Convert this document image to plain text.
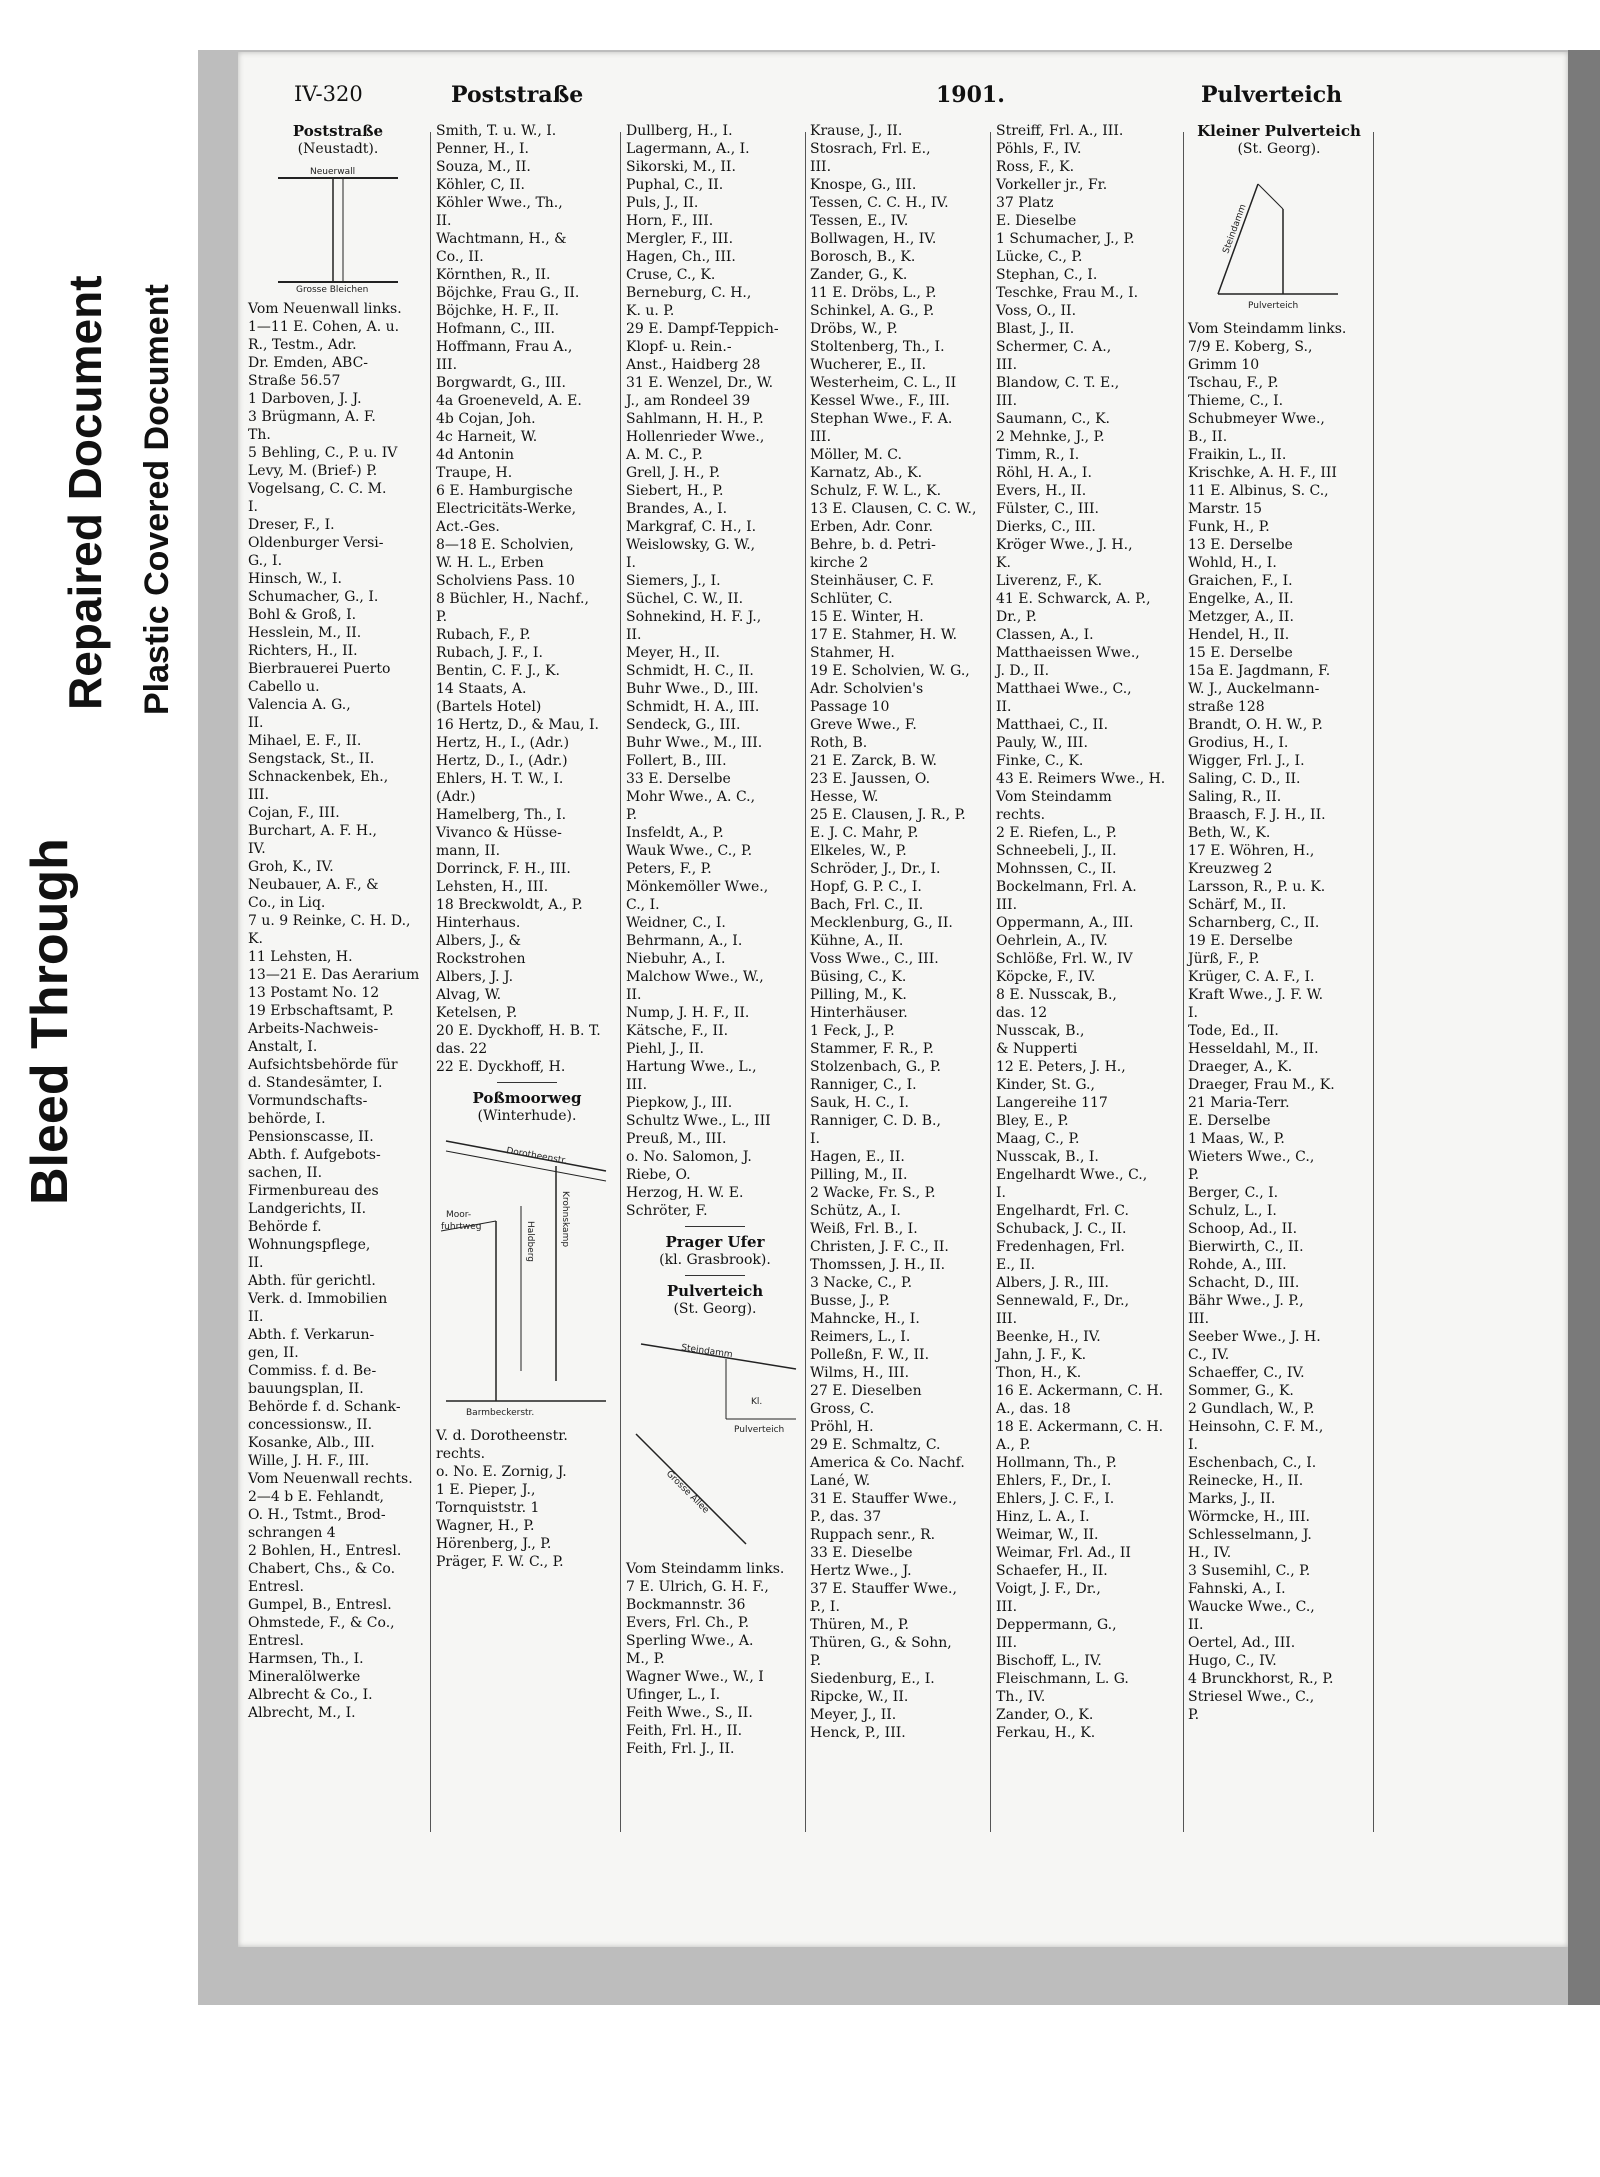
Bleed Through
Repaired Document Plastic Covered Document
IV-320	Poststraße	1901.	Pulverteich
Poststraße
(Neustadt).
Neuerwall
Grosse Bleichen
Vom Neuenwall links.
1—11 E. Cohen, A. u.
R., Testm., Adr.
Dr. Emden, ABC-
Straße 56.57
1 Darboven, J. J.
3 Brügmann, A. F.
Th.
5 Behling, C., P. u. IV
Levy, M. (Brief-) P.
Vogelsang, C. C. M.
I.
Dreser, F., I.
Oldenburger Versi-
G., I.
Hinsch, W., I.
Schumacher, G., I.
Bohl & Groß, I.
Hesslein, M., II.
Richters, H., II.
Bierbrauerei Puerto
Cabello u.
Valencia A. G.,
II.
Mihael, E. F., II.
Sengstack, St., II.
Schnackenbek, Eh.,
III.
Cojan, F., III.
Burchart, A. F. H.,
IV.
Groh, K., IV.
Neubauer, A. F., &
Co., in Liq.
7 u. 9 Reinke, C. H. D.,
K.
11 Lehsten, H.
13—21 E. Das Aerarium
13 Postamt No. 12
19 Erbschaftsamt, P.
Arbeits-Nachweis-
Anstalt, I.
Aufsichtsbehörde für
d. Standesämter, I.
Vormundschafts-
behörde, I.
Pensionscasse, II.
Abth. f. Aufgebots-
sachen, II.
Firmenbureau des
Landgerichts, II.
Behörde f.
Wohnungspflege,
II.
Abth. für gerichtl.
Verk. d. Immobilien
II.
Abth. f. Verkarun-
gen, II.
Commiss. f. d. Be-
bauungsplan, II.
Behörde f. d. Schank-
concessionsw., II.
Kosanke, Alb., III.
Wille, J. H. F., III.
Vom Neuenwall rechts.
2—4 b E. Fehlandt,
O. H., Tstmt., Brod-
schrangen 4
2 Bohlen, H., Entresl.
Chabert, Chs., & Co.
Entresl.
Gumpel, B., Entresl.
Ohmstede, F., & Co.,
Entresl.
Harmsen, Th., I.
Mineralölwerke
Albrecht & Co., I.
Albrecht, M., I.
Smith, T. u. W., I.
Penner, H., I.
Souza, M., II.
Köhler, C, II.
Köhler Wwe., Th.,
II.
Wachtmann, H., &
Co., II.
Körnthen, R., II.
Böjchke, Frau G., II.
Böjchke, H. F., II.
Hofmann, C., III.
Hoffmann, Frau A.,
III.
Borgwardt, G., III.
4a Groeneveld, A. E.
4b Cojan, Joh.
4c Harneit, W.
4d Antonin
Traupe, H.
6 E. Hamburgische
Electricitäts-Werke,
Act.-Ges.
8—18 E. Scholvien,
W. H. L., Erben
Scholviens Pass. 10
8 Büchler, H., Nachf.,
P.
Rubach, F., P.
Rubach, J. F., I.
Bentin, C. F. J., K.
14 Staats, A.
(Bartels Hotel)
16 Hertz, D., & Mau, I.
Hertz, H., I., (Adr.)
Hertz, D., I., (Adr.)
Ehlers, H. T. W., I.
(Adr.)
Hamelberg, Th., I.
Vivanco & Hüsse-
mann, II.
Dorrinck, F. H., III.
Lehsten, H., III.
18 Breckwoldt, A., P.
Hinterhaus.
Albers, J., &
Rockstrohen
Albers, J. J.
Alvag, W.
Ketelsen, P.
20 E. Dyckhoff, H. B. T.
das. 22
22 E. Dyckhoff, H.
Poßmoorweg
(Winterhude).
Dorotheenstr.
Moor-
fuhrtweg	Haldberg	Krohnskamp
Barmbeckerstr.
V. d. Dorotheenstr.
rechts.
o. No. E. Zornig, J.
1 E. Pieper, J.,
Tornquiststr. 1
Wagner, H., P.
Hörenberg, J., P.
Präger, F. W. C., P.
Dullberg, H., I.
Lagermann, A., I.
Sikorski, M., II.
Puphal, C., II.
Puls, J., II.
Horn, F., III.
Mergler, F., III.
Hagen, Ch., III.
Cruse, C., K.
Berneburg, C. H.,
K. u. P.
29 E. Dampf-Teppich-
Klopf- u. Rein.-
Anst., Haidberg 28
31 E. Wenzel, Dr., W.
J., am Rondeel 39
Sahlmann, H. H., P.
Hollenrieder Wwe.,
A. M. C., P.
Grell, J. H., P.
Siebert, H., P.
Brandes, A., I.
Markgraf, C. H., I.
Weislowsky, G. W.,
I.
Siemers, J., I.
Süchel, C. W., II.
Sohnekind, H. F. J.,
II.
Meyer, H., II.
Schmidt, H. C., II.
Buhr Wwe., D., III.
Schmidt, H. A., III.
Sendeck, G., III.
Buhr Wwe., M., III.
Follert, B., III.
33 E. Derselbe
Mohr Wwe., A. C.,
P.
Insfeldt, A., P.
Wauk Wwe., C., P.
Peters, F., P.
Mönkemöller Wwe.,
C., I.
Weidner, C., I.
Behrmann, A., I.
Niebuhr, A., I.
Malchow Wwe., W.,
II.
Nump, J. H. F., II.
Kätsche, F., II.
Piehl, J., II.
Hartung Wwe., L.,
III.
Piepkow, J., III.
Schultz Wwe., L., III
Preuß, M., III.
o. No. Salomon, J.
Riebe, O.
Herzog, H. W. E.
Schröter, F.
Prager Ufer
(kl. Grasbrook).
Pulverteich
(St. Georg).
Steindamm
Kl.
Pulverteich
Grosse Allee
Vom Steindamm links.
7 E. Ulrich, G. H. F.,
Bockmannstr. 36
Evers, Frl. Ch., P.
Sperling Wwe., A.
M., P.
Wagner Wwe., W., I
Ufinger, L., I.
Feith Wwe., S., II.
Feith, Frl. H., II.
Feith, Frl. J., II.
Krause, J., II.
Stosrach, Frl. E.,
III.
Knospe, G., III.
Tessen, C. C. H., IV.
Tessen, E., IV.
Bollwagen, H., IV.
Borosch, B., K.
Zander, G., K.
11 E. Dröbs, L., P.
Schinkel, A. G., P.
Dröbs, W., P.
Stoltenberg, Th., I.
Wucherer, E., II.
Westerheim, C. L., II
Kessel Wwe., F., III.
Stephan Wwe., F. A.
III.
Möller, M. C.
Karnatz, Ab., K.
Schulz, F. W. L., K.
13 E. Clausen, C. C. W.,
Erben, Adr. Conr.
Behre, b. d. Petri-
kirche 2
Steinhäuser, C. F.
Schlüter, C.
15 E. Winter, H.
17 E. Stahmer, H. W.
Stahmer, H.
19 E. Scholvien, W. G.,
Adr. Scholvien's
Passage 10
Greve Wwe., F.
Roth, B.
21 E. Zarck, B. W.
23 E. Jaussen, O.
Hesse, W.
25 E. Clausen, J. R., P.
E. J. C. Mahr, P.
Elkeles, W., P.
Schröder, J., Dr., I.
Hopf, G. P. C., I.
Bach, Frl. C., II.
Mecklenburg, G., II.
Kühne, A., II.
Voss Wwe., C., III.
Büsing, C., K.
Pilling, M., K.
Hinterhäuser.
1 Feck, J., P.
Stammer, F. R., P.
Stolzenbach, G., P.
Ranniger, C., I.
Sauk, H. C., I.
Ranniger, C. D. B.,
I.
Hagen, E., II.
Pilling, M., II.
2 Wacke, Fr. S., P.
Schütz, A., I.
Weiß, Frl. B., I.
Christen, J. F. C., II.
Thomssen, J. H., II.
3 Nacke, C., P.
Busse, J., P.
Mahncke, H., I.
Reimers, L., I.
Polleßn, F. W., II.
Wilms, H., III.
27 E. Dieselben
Gross, C.
Pröhl, H.
29 E. Schmaltz, C.
America & Co. Nachf.
Lané, W.
31 E. Stauffer Wwe.,
P., das. 37
Ruppach senr., R.
33 E. Dieselbe
Hertz Wwe., J.
37 E. Stauffer Wwe.,
P., I.
Thüren, M., P.
Thüren, G., & Sohn,
P.
Siedenburg, E., I.
Ripcke, W., II.
Meyer, J., II.
Henck, P., III.
Streiff, Frl. A., III.
Pöhls, F., IV.
Ross, F., K.
Vorkeller jr., Fr.
37 Platz
E. Dieselbe
1 Schumacher, J., P.
Lücke, C., P.
Stephan, C., I.
Teschke, Frau M., I.
Voss, O., II.
Blast, J., II.
Schermer, C. A.,
III.
Blandow, C. T. E.,
III.
Saumann, C., K.
2 Mehnke, J., P.
Timm, R., I.
Röhl, H. A., I.
Evers, H., II.
Fülster, C., III.
Dierks, C., III.
Kröger Wwe., J. H.,
K.
Liverenz, F., K.
41 E. Schwarck, A. P.,
Dr., P.
Classen, A., I.
Matthaeissen Wwe.,
J. D., II.
Matthaei Wwe., C.,
II.
Matthaei, C., II.
Pauly, W., III.
Finke, C., K.
43 E. Reimers Wwe., H.
Vom Steindamm
rechts.
2 E. Riefen, L., P.
Schneebeli, J., II.
Mohnssen, C., II.
Bockelmann, Frl. A.
III.
Oppermann, A., III.
Oehrlein, A., IV.
Schlöße, Frl. W., IV
Köpcke, F., IV.
8 E. Nusscak, B.,
das. 12
Nusscak, B.,
& Nupperti
12 E. Peters, J. H.,
Kinder, St. G.,
Langereihe 117
Bley, E., P.
Maag, C., P.
Nusscak, B., I.
Engelhardt Wwe., C.,
I.
Engelhardt, Frl. C.
Schuback, J. C., II.
Fredenhagen, Frl.
E., II.
Albers, J. R., III.
Sennewald, F., Dr.,
III.
Beenke, H., IV.
Jahn, J. F., K.
Thon, H., K.
16 E. Ackermann, C. H.
A., das. 18
18 E. Ackermann, C. H.
A., P.
Hollmann, Th., P.
Ehlers, F., Dr., I.
Ehlers, J. C. F., I.
Hinz, L. A., I.
Weimar, W., II.
Weimar, Frl. Ad., II
Schaefer, H., II.
Voigt, J. F., Dr.,
III.
Deppermann, G.,
III.
Bischoff, L., IV.
Fleischmann, L. G.
Th., IV.
Zander, O., K.
Ferkau, H., K.
Kleiner Pulverteich
(St. Georg).
Steindamm
Pulverteich
Vom Steindamm links.
7/9 E. Koberg, S.,
Grimm 10
Tschau, F., P.
Thieme, C., I.
Schubmeyer Wwe.,
B., II.
Fraikin, L., II.
Krischke, A. H. F., III
11 E. Albinus, S. C.,
Marstr. 15
Funk, H., P.
13 E. Derselbe
Wohld, H., I.
Graichen, F., I.
Engelke, A., II.
Metzger, A., II.
Hendel, H., II.
15 E. Derselbe
15a E. Jagdmann, F.
W. J., Auckelmann-
straße 128
Brandt, O. H. W., P.
Grodius, H., I.
Wigger, Frl. J., I.
Saling, C. D., II.
Saling, R., II.
Braasch, F. J. H., II.
Beth, W., K.
17 E. Wöhren, H.,
Kreuzweg 2
Larsson, R., P. u. K.
Schärf, M., II.
Scharnberg, C., II.
19 E. Derselbe
Jürß, F., P.
Krüger, C. A. F., I.
Kraft Wwe., J. F. W.
I.
Tode, Ed., II.
Hesseldahl, M., II.
Draeger, A., K.
Draeger, Frau M., K.
21 Maria-Terr.
E. Derselbe
1 Maas, W., P.
Wieters Wwe., C.,
P.
Berger, C., I.
Schulz, L., I.
Schoop, Ad., II.
Bierwirth, C., II.
Rohde, A., III.
Schacht, D., III.
Bähr Wwe., J. P.,
III.
Seeber Wwe., J. H.
C., IV.
Schaeffer, C., IV.
Sommer, G., K.
2 Gundlach, W., P.
Heinsohn, C. F. M.,
I.
Eschenbach, C., I.
Reinecke, H., II.
Marks, J., II.
Wörmcke, H., III.
Schlesselmann, J.
H., IV.
3 Susemihl, C., P.
Fahnski, A., I.
Waucke Wwe., C.,
II.
Oertel, Ad., III.
Hugo, C., IV.
4 Brunckhorst, R., P.
Striesel Wwe., C.,
P.
